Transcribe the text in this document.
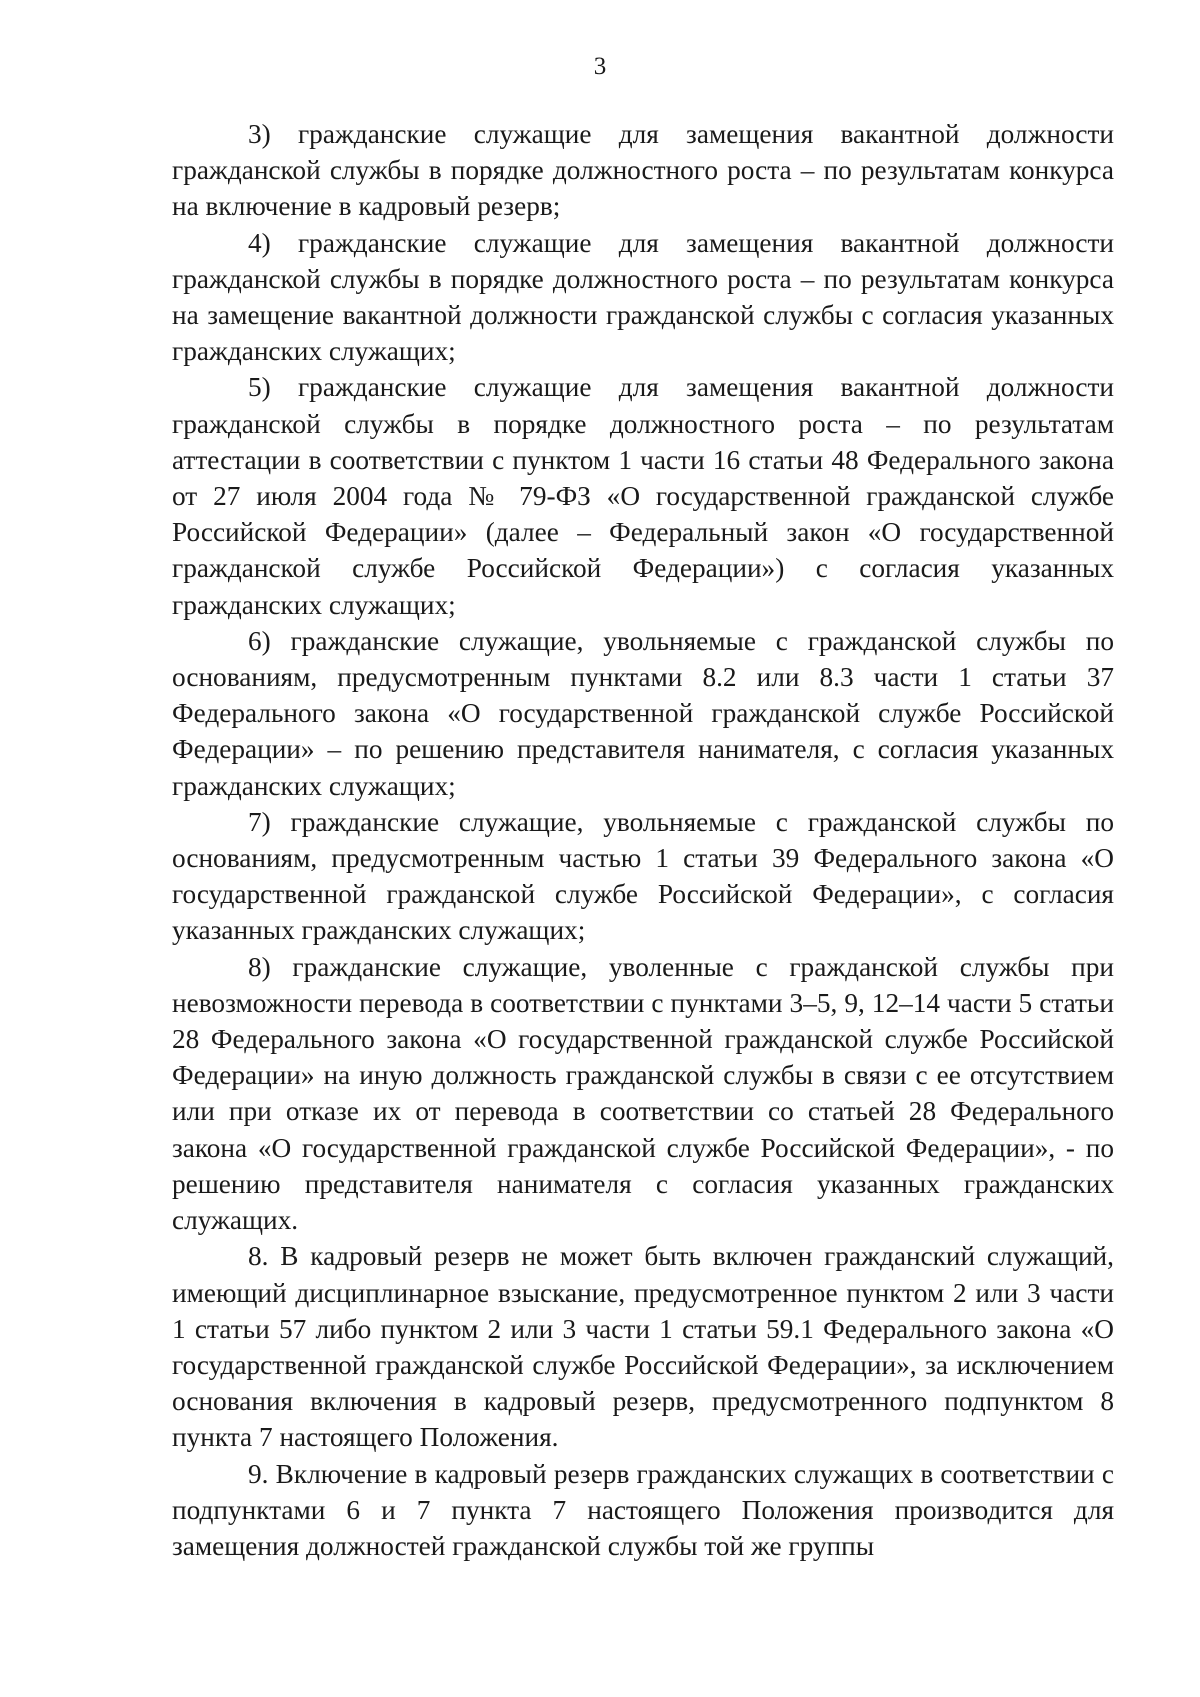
3

3) гражданские служащие для замещения вакантной должности гражданской службы в порядке должностного роста – по результатам конкурса на включение в кадровый резерв;

4) гражданские служащие для замещения вакантной должности гражданской службы в порядке должностного роста – по результатам конкурса на замещение вакантной должности гражданской службы с согласия указанных гражданских служащих;

5) гражданские служащие для замещения вакантной должности гражданской службы в порядке должностного роста – по результатам аттестации в соответствии с пунктом 1 части 16 статьи 48 Федерального закона от 27 июля 2004 года № 79-ФЗ «О государственной гражданской службе Российской Федерации» (далее – Федеральный закон «О государственной гражданской службе Российской Федерации») с согласия указанных гражданских служащих;

6) гражданские служащие, увольняемые с гражданской службы по основаниям, предусмотренным пунктами 8.2 или 8.3 части 1 статьи 37 Федерального закона «О государственной гражданской службе Российской Федерации» – по решению представителя нанимателя, с согласия указанных гражданских служащих;

7) гражданские служащие, увольняемые с гражданской службы по основаниям, предусмотренным частью 1 статьи 39 Федерального закона «О государственной гражданской службе Российской Федерации», с согласия указанных гражданских служащих;

8) гражданские служащие, уволенные с гражданской службы при невозможности перевода в соответствии с пунктами 3–5, 9, 12–14 части 5 статьи 28 Федерального закона «О государственной гражданской службе Российской Федерации» на иную должность гражданской службы в связи с ее отсутствием или при отказе их от перевода в соответствии со статьей 28 Федерального закона «О государственной гражданской службе Российской Федерации», - по решению представителя нанимателя с согласия указанных гражданских служащих.

8. В кадровый резерв не может быть включен гражданский служащий, имеющий дисциплинарное взыскание, предусмотренное пунктом 2 или 3 части 1 статьи 57 либо пунктом 2 или 3 части 1 статьи 59.1 Федерального закона «О государственной гражданской службе Российской Федерации», за исключением основания включения в кадровый резерв, предусмотренного подпунктом 8 пункта 7 настоящего Положения.

9. Включение в кадровый резерв гражданских служащих в соответствии с подпунктами 6 и 7 пункта 7 настоящего Положения производится для замещения должностей гражданской службы той же группы
